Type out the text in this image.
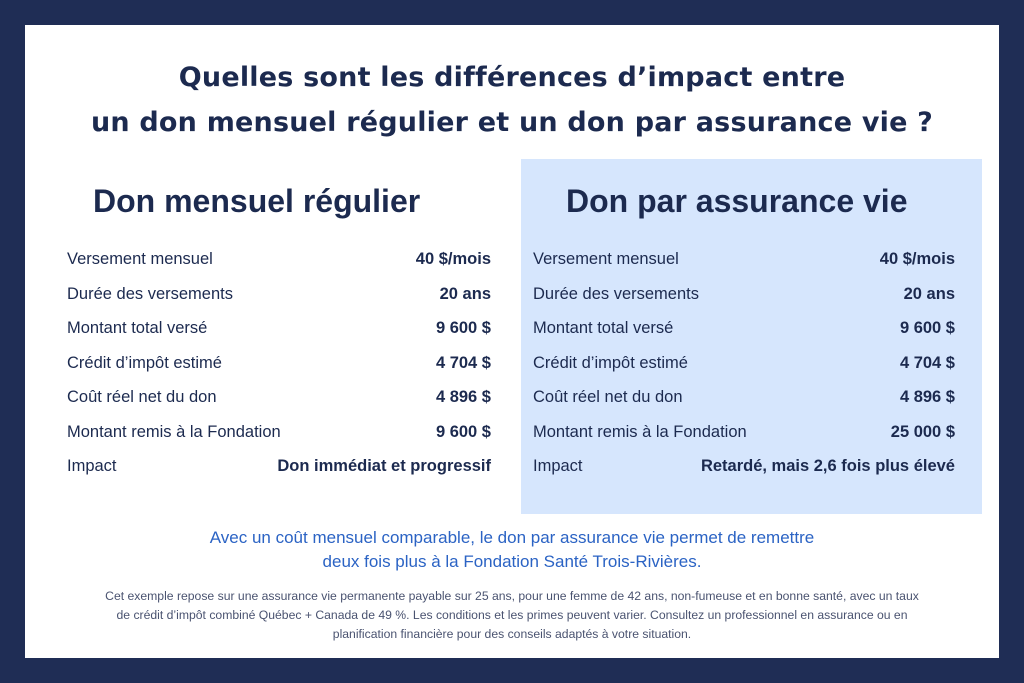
Quelles sont les différences d’impact entre
un don mensuel régulier et un don par assurance vie ?
Don mensuel régulier
Versement mensuel	40 $/mois
Durée des versements	20 ans
Montant total versé	9 600 $
Crédit d’impôt estimé	4 704 $
Coût réel net du don	4 896 $
Montant remis à la Fondation	9 600 $
Impact	Don immédiat et progressif
Don par assurance vie
Versement mensuel	40 $/mois
Durée des versements	20 ans
Montant total versé	9 600 $
Crédit d’impôt estimé	4 704 $
Coût réel net du don	4 896 $
Montant remis à la Fondation	25 000 $
Impact	Retardé, mais 2,6 fois plus élevé
Avec un coût mensuel comparable, le don par assurance vie permet de remettre
deux fois plus à la Fondation Santé Trois-Rivières.
Cet exemple repose sur une assurance vie permanente payable sur 25 ans, pour une femme de 42 ans, non-fumeuse et en bonne santé, avec un taux
de crédit d’impôt combiné Québec + Canada de 49 %. Les conditions et les primes peuvent varier. Consultez un professionnel en assurance ou en
planification financière pour des conseils adaptés à votre situation.
